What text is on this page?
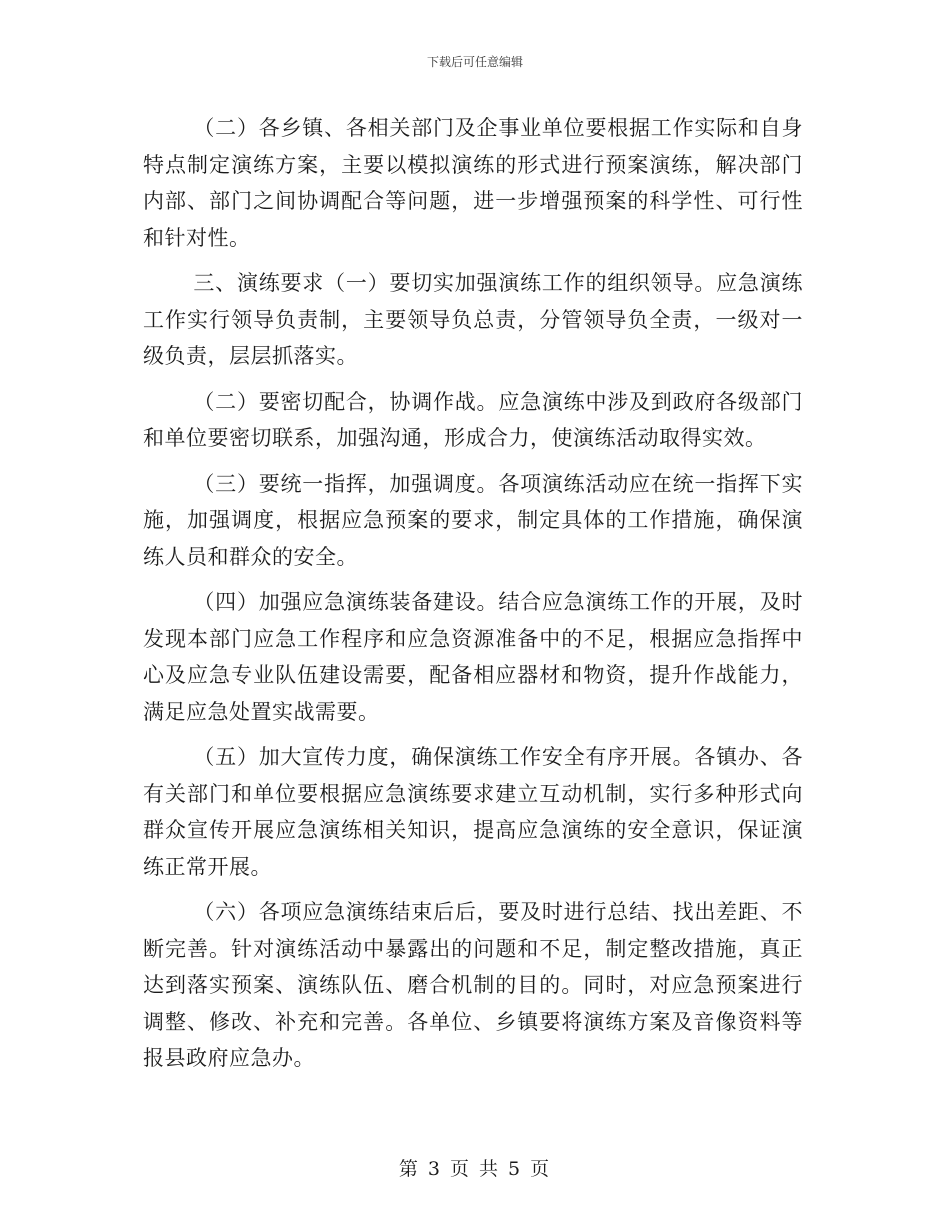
下载后可任意编辑

（二）各乡镇、各相关部门及企事业单位要根据工作实际和自身特点制定演练方案，主要以模拟演练的形式进行预案演练，解决部门内部、部门之间协调配合等问题，进一步增强预案的科学性、可行性和针对性。

三、演练要求（一）要切实加强演练工作的组织领导。应急演练工作实行领导负责制，主要领导负总责，分管领导负全责，一级对一级负责，层层抓落实。

（二）要密切配合，协调作战。应急演练中涉及到政府各级部门和单位要密切联系，加强沟通，形成合力，使演练活动取得实效。

（三）要统一指挥，加强调度。各项演练活动应在统一指挥下实施，加强调度，根据应急预案的要求，制定具体的工作措施，确保演练人员和群众的安全。

（四）加强应急演练装备建设。结合应急演练工作的开展，及时发现本部门应急工作程序和应急资源准备中的不足，根据应急指挥中心及应急专业队伍建设需要，配备相应器材和物资，提升作战能力，满足应急处置实战需要。

（五）加大宣传力度，确保演练工作安全有序开展。各镇办、各有关部门和单位要根据应急演练要求建立互动机制，实行多种形式向群众宣传开展应急演练相关知识，提高应急演练的安全意识，保证演练正常开展。

（六）各项应急演练结束后后，要及时进行总结、找出差距、不断完善。针对演练活动中暴露出的问题和不足，制定整改措施，真正达到落实预案、演练队伍、磨合机制的目的。同时，对应急预案进行调整、修改、补充和完善。各单位、乡镇要将演练方案及音像资料等报县政府应急办。

第 3 页 共 5 页
